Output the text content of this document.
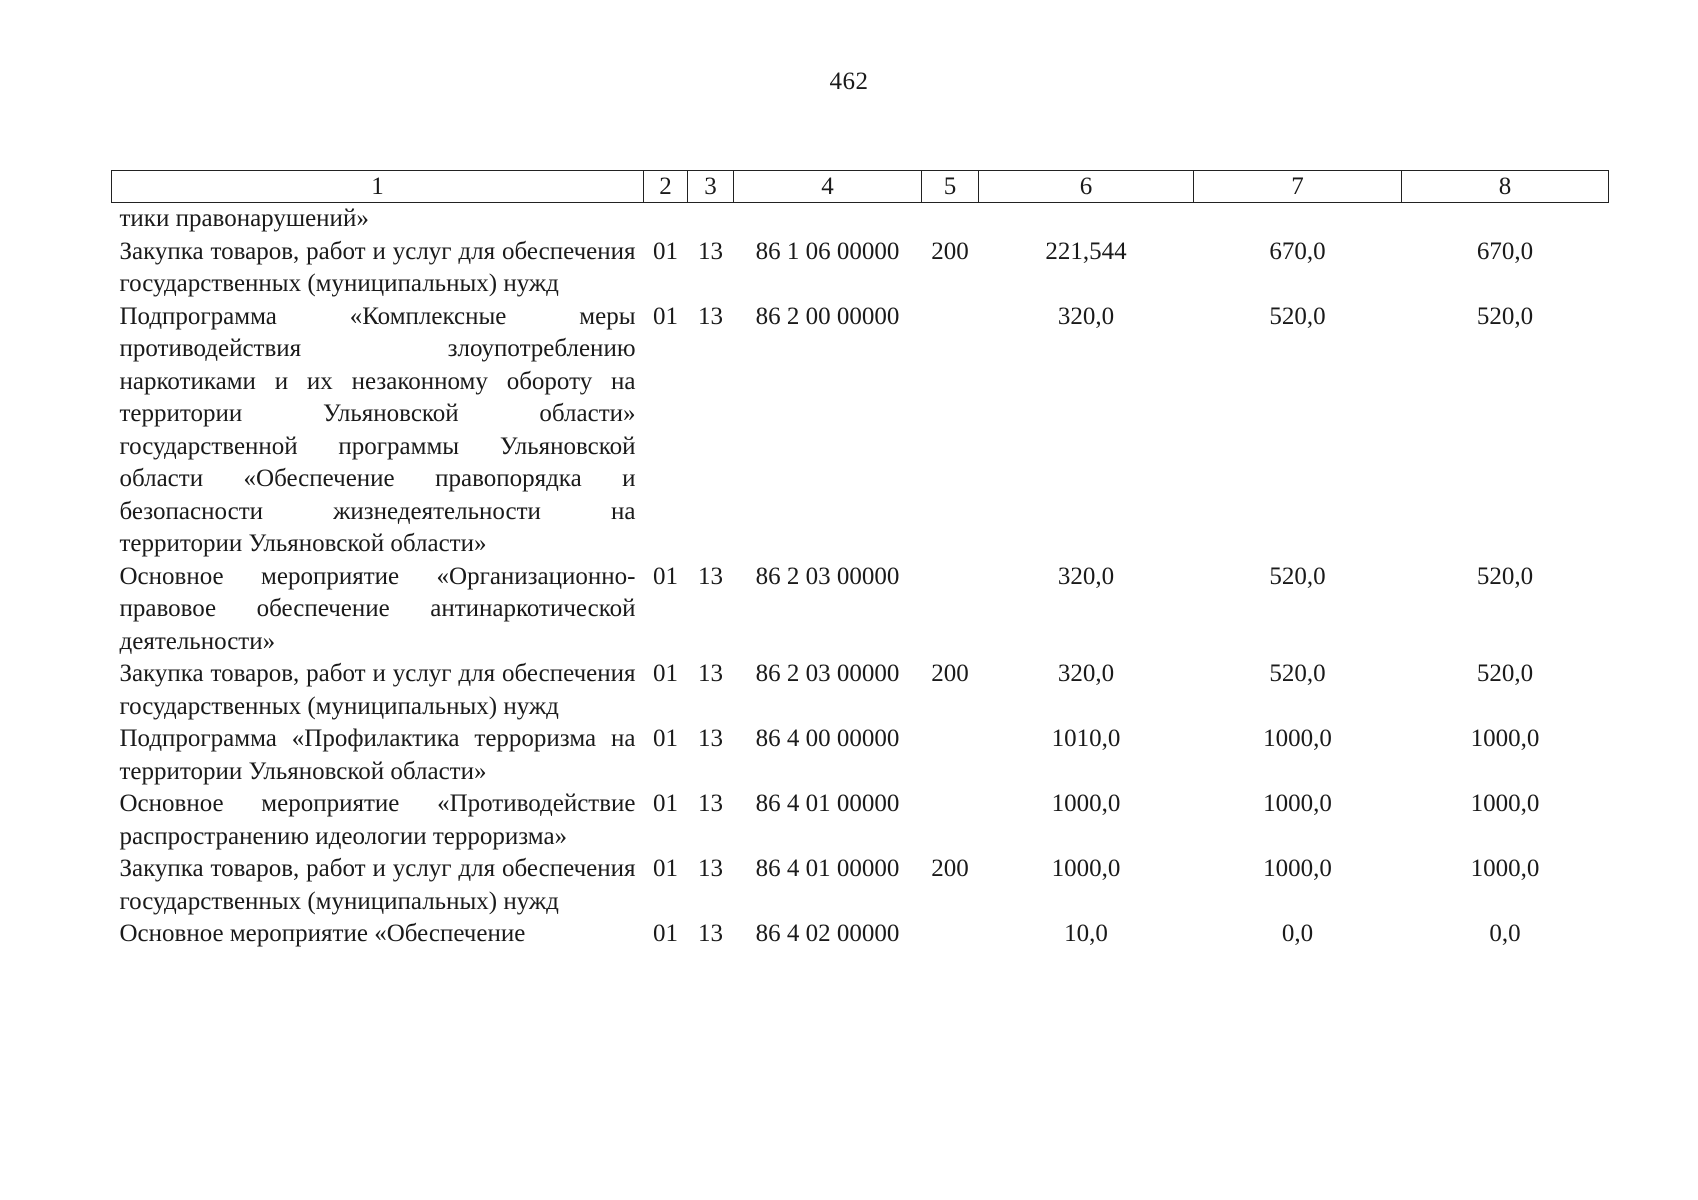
462
1	2	3	4	5	6	7	8
тики правонарушений»							
Закупка товаров, работ и услуг для обеспечения государственных (муниципальных) нужд	01	13	86 1 06 00000	200	221,544	670,0	670,0
Подпрограмма «Комплексные меры противодействия злоупотреблению наркотиками и их незаконному обороту на территории Ульяновской области» государственной программы Ульяновской области «Обеспечение правопорядка и безопасности жизнедеятельности на территории Ульяновской области»	01	13	86 2 00 00000		320,0	520,0	520,0
Основное мероприятие «Организационно-правовое обеспечение антинаркотической деятельности»	01	13	86 2 03 00000		320,0	520,0	520,0
Закупка товаров, работ и услуг для обеспечения государственных (муниципальных) нужд	01	13	86 2 03 00000	200	320,0	520,0	520,0
Подпрограмма «Профилактика терроризма на территории Ульяновской области»	01	13	86 4 00 00000		1010,0	1000,0	1000,0
Основное мероприятие «Противодействие распространению идеологии терроризма»	01	13	86 4 01 00000		1000,0	1000,0	1000,0
Закупка товаров, работ и услуг для обеспечения государственных (муниципальных) нужд	01	13	86 4 01 00000	200	1000,0	1000,0	1000,0
Основное мероприятие «Обеспечение	01	13	86 4 02 00000		10,0	0,0	0,0
